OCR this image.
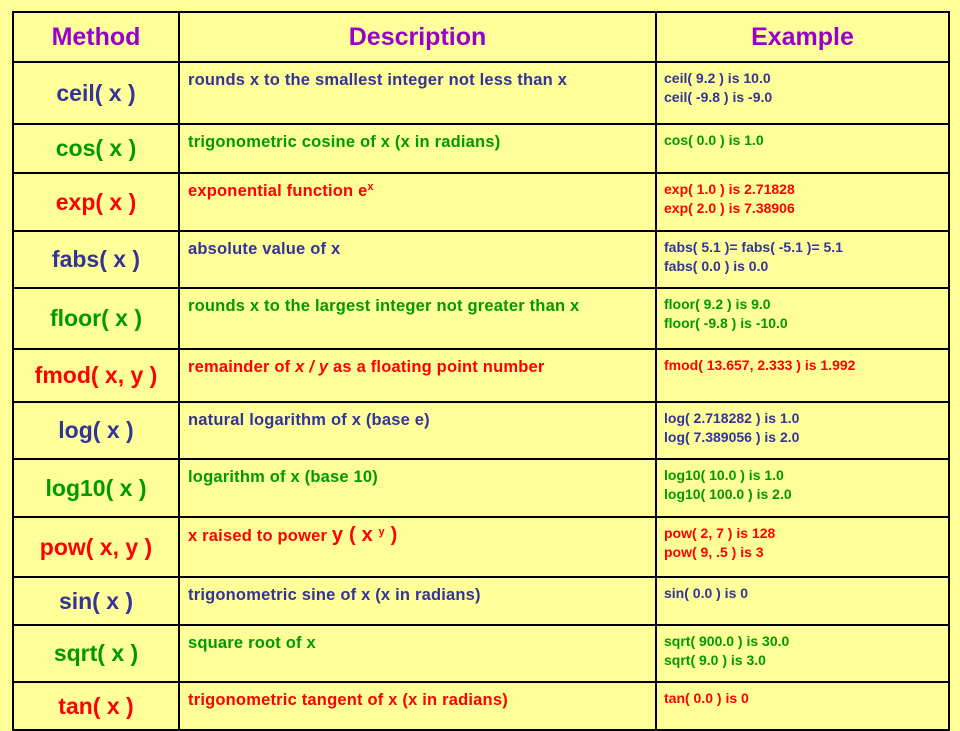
Method	Description	Example
ceil( x )	rounds x to the smallest integer not less than x	ceil( 9.2 ) is 10.0
ceil( -9.8 ) is -9.0

cos( x )	trigonometric cosine of x (x in radians)	cos( 0.0 ) is 1.0

exp( x )	exponential function $e^x$	exp( 1.0 ) is 2.71828
exp( 2.0 ) is 7.38906

fabs( x )	absolute value of x	fabs( 5.1 )= fabs( -5.1 )= 5.1
fabs( 0.0 ) is 0.0

floor( x )	rounds x to the largest integer not greater than x	floor( 9.2 ) is 9.0
floor( -9.8 ) is -10.0

fmod( x, y )	remainder of x / y as a floating point number	fmod( 13.657, 2.333 ) is 1.992

log( x )	natural logarithm of x (base e)	log( 2.718282 ) is 1.0
log( 7.389056 ) is 2.0

log10( x )	logarithm of x (base 10)	log10( 10.0 ) is 1.0
log10( 100.0 ) is 2.0

pow( x, y )	x raised to power y ( x $^y$ )	pow( 2, 7 ) is 128
pow( 9, .5 ) is 3

sin( x )	trigonometric sine of x (x in radians)	sin( 0.0 ) is 0

sqrt( x )	square root of x	sqrt( 900.0 ) is 30.0
sqrt( 9.0 ) is 3.0

tan( x )	trigonometric tangent of x (x in radians)	tan( 0.0 ) is 0
